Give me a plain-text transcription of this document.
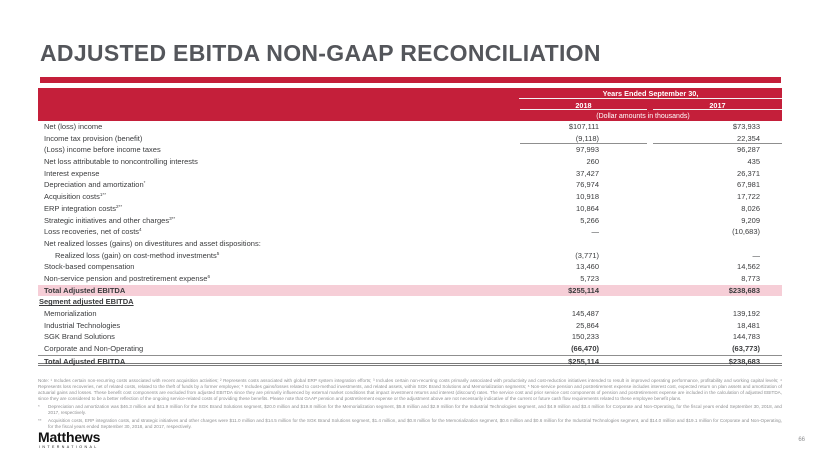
ADJUSTED EBITDA NON-GAAP RECONCILIATION
Years Ended September 30,
2018	2017
(Dollar amounts in thousands)
Net (loss) income	$107,111	$73,933
Income tax provision (benefit)	(9,118)	22,354
(Loss) income before income taxes	97,993	96,287
Net loss attributable to noncontrolling interests	260	435
Interest expense	37,427	26,371
Depreciation and amortization*	76,974	67,981
Acquisition costs$^{1**}$	10,918	17,722
ERP integration costs$^{2**}$	10,864	8,026
Strategic initiatives and other charges$^{3**}$	5,266	9,209
Loss recoveries, net of costs$^4$	—	(10,683)
Net realized losses (gains) on divestitures and asset dispositions:
Realized loss (gain) on cost-method investments$^5$	(3,771)	—
Stock-based compensation	13,460	14,562
Non-service pension and postretirement expense$^6$	5,723	8,773
Total Adjusted EBITDA	$255,114	$238,683
Segment adjusted EBITDA
Memorialization	145,487	139,192
Industrial Technologies	25,864	18,481
SGK Brand Solutions	150,233	144,783
Corporate and Non-Operating	(66,470)	(63,773)
Total Adjusted EBITDA	$255,114	$238,683
Note: ¹ Includes certain non-recurring costs associated with recent acquisition activities; ² Represents costs associated with global ERP system integration efforts; ³ Includes certain non-recurring costs primarily associated with productivity and cost-reduction initiatives intended to result in improved operating performance, profitability and working capital levels; ⁴ Represents loss recoveries, net of related costs, related to the theft of funds by a former employee; ⁵ Includes gains/losses related to cost-method investments, and related assets, within SGK Brand Solutions and Memorialization segments; ⁶ Non-service pension and postretirement expense includes interest cost, expected return on plan assets and amortization of actuarial gains and losses. These benefit cost components are excluded from adjusted EBITDA since they are primarily influenced by external market conditions that impact investment returns and interest (discount) rates. The service cost and prior service cost components of pension and postretirement expense are included in the calculation of adjusted EBITDA, since they are considered to be a better reflection of the ongoing service-related costs of providing these benefits. Please note that GAAP pension and postretirement expense or the adjustment above are not necessarily indicative of the current or future cash flow requirements related to these employee benefit plans.
*	Depreciation and amortization was $46.3 million and $41.9 million for the SGK Brand Solutions segment, $20.0 million and $19.8 million for the Memorialization segment, $5.8 million and $2.9 million for the Industrial Technologies segment, and $4.9 million and $3.4 million for Corporate and Non-Operating, for the fiscal years ended September 30, 2018, and 2017, respectively.
**	Acquisition costs, ERP integration costs, and strategic initiatives and other charges were $11.0 million and $14.5 million for the SGK Brand Solutions segment, $1.4 million, and $0.8 million for the Memorialization segment, $0.6 million and $0.6 million for the Industrial Technologies segment, and $14.0 million and $19.1 million for Corporate and Non-Operating, for the fiscal years ended September 30, 2018, and 2017, respectively.
Matthews
INTERNATIONAL
66
